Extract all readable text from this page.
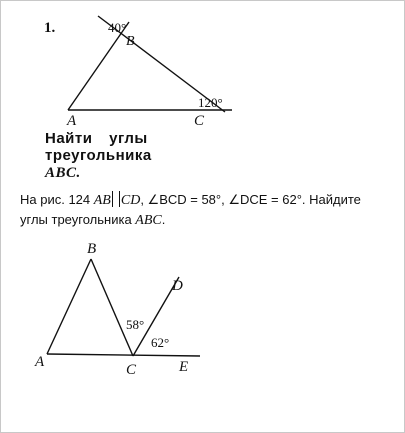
1.	40°
B
120°
A	C
Найти углы треугольника
ABC.
На рис. 124 AB CD, ∠BCD = 58°, ∠DCE = 62°. Найдите
углы треугольника ABC.
B
D
58°
62°
A	C	E
